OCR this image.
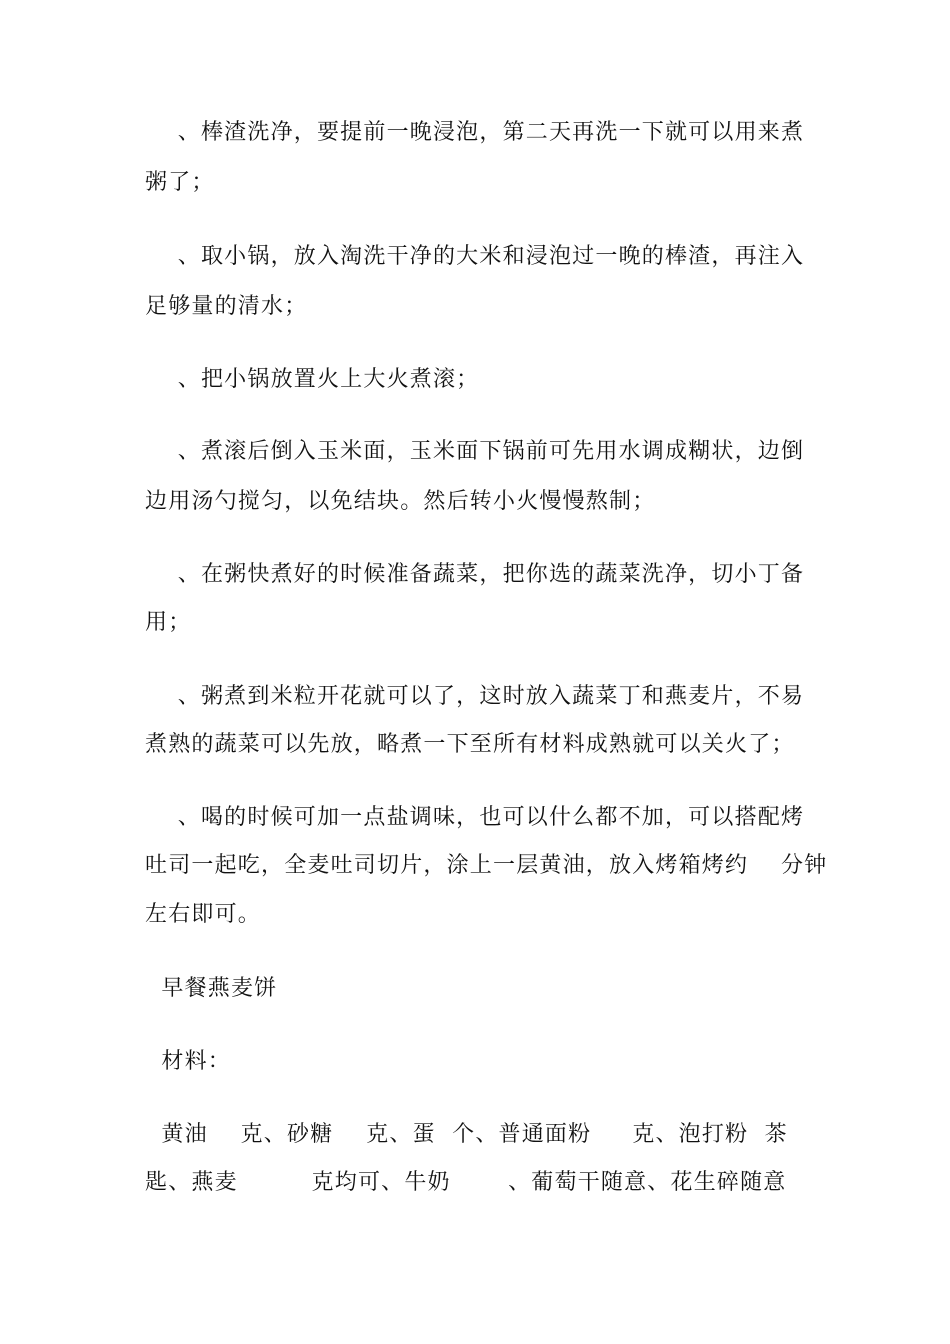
、棒渣洗净，要提前一晚浸泡，第二天再洗一下就可以用来煮
粥了；
、取小锅，放入淘洗干净的大米和浸泡过一晚的棒渣，再注入
足够量的清水；
、把小锅放置火上大火煮滚；
、煮滚后倒入玉米面，玉米面下锅前可先用水调成糊状，边倒
边用汤勺搅匀，以免结块。然后转小火慢慢熬制；
、在粥快煮好的时候准备蔬菜，把你选的蔬菜洗净，切小丁备
用；
、粥煮到米粒开花就可以了，这时放入蔬菜丁和燕麦片，不易
煮熟的蔬菜可以先放，略煮一下至所有材料成熟就可以关火了；
、喝的时候可加一点盐调味，也可以什么都不加，可以搭配烤
吐司一起吃，全麦吐司切片，涂上一层黄油，放入烤箱烤约    分钟
左右即可。
早餐燕麦饼
材料：
黄油    克、砂糖    克、蛋  个、普通面粉     克、泡打粉  茶
匙、燕麦         克均可、牛奶       、葡萄干随意、花生碎随意
